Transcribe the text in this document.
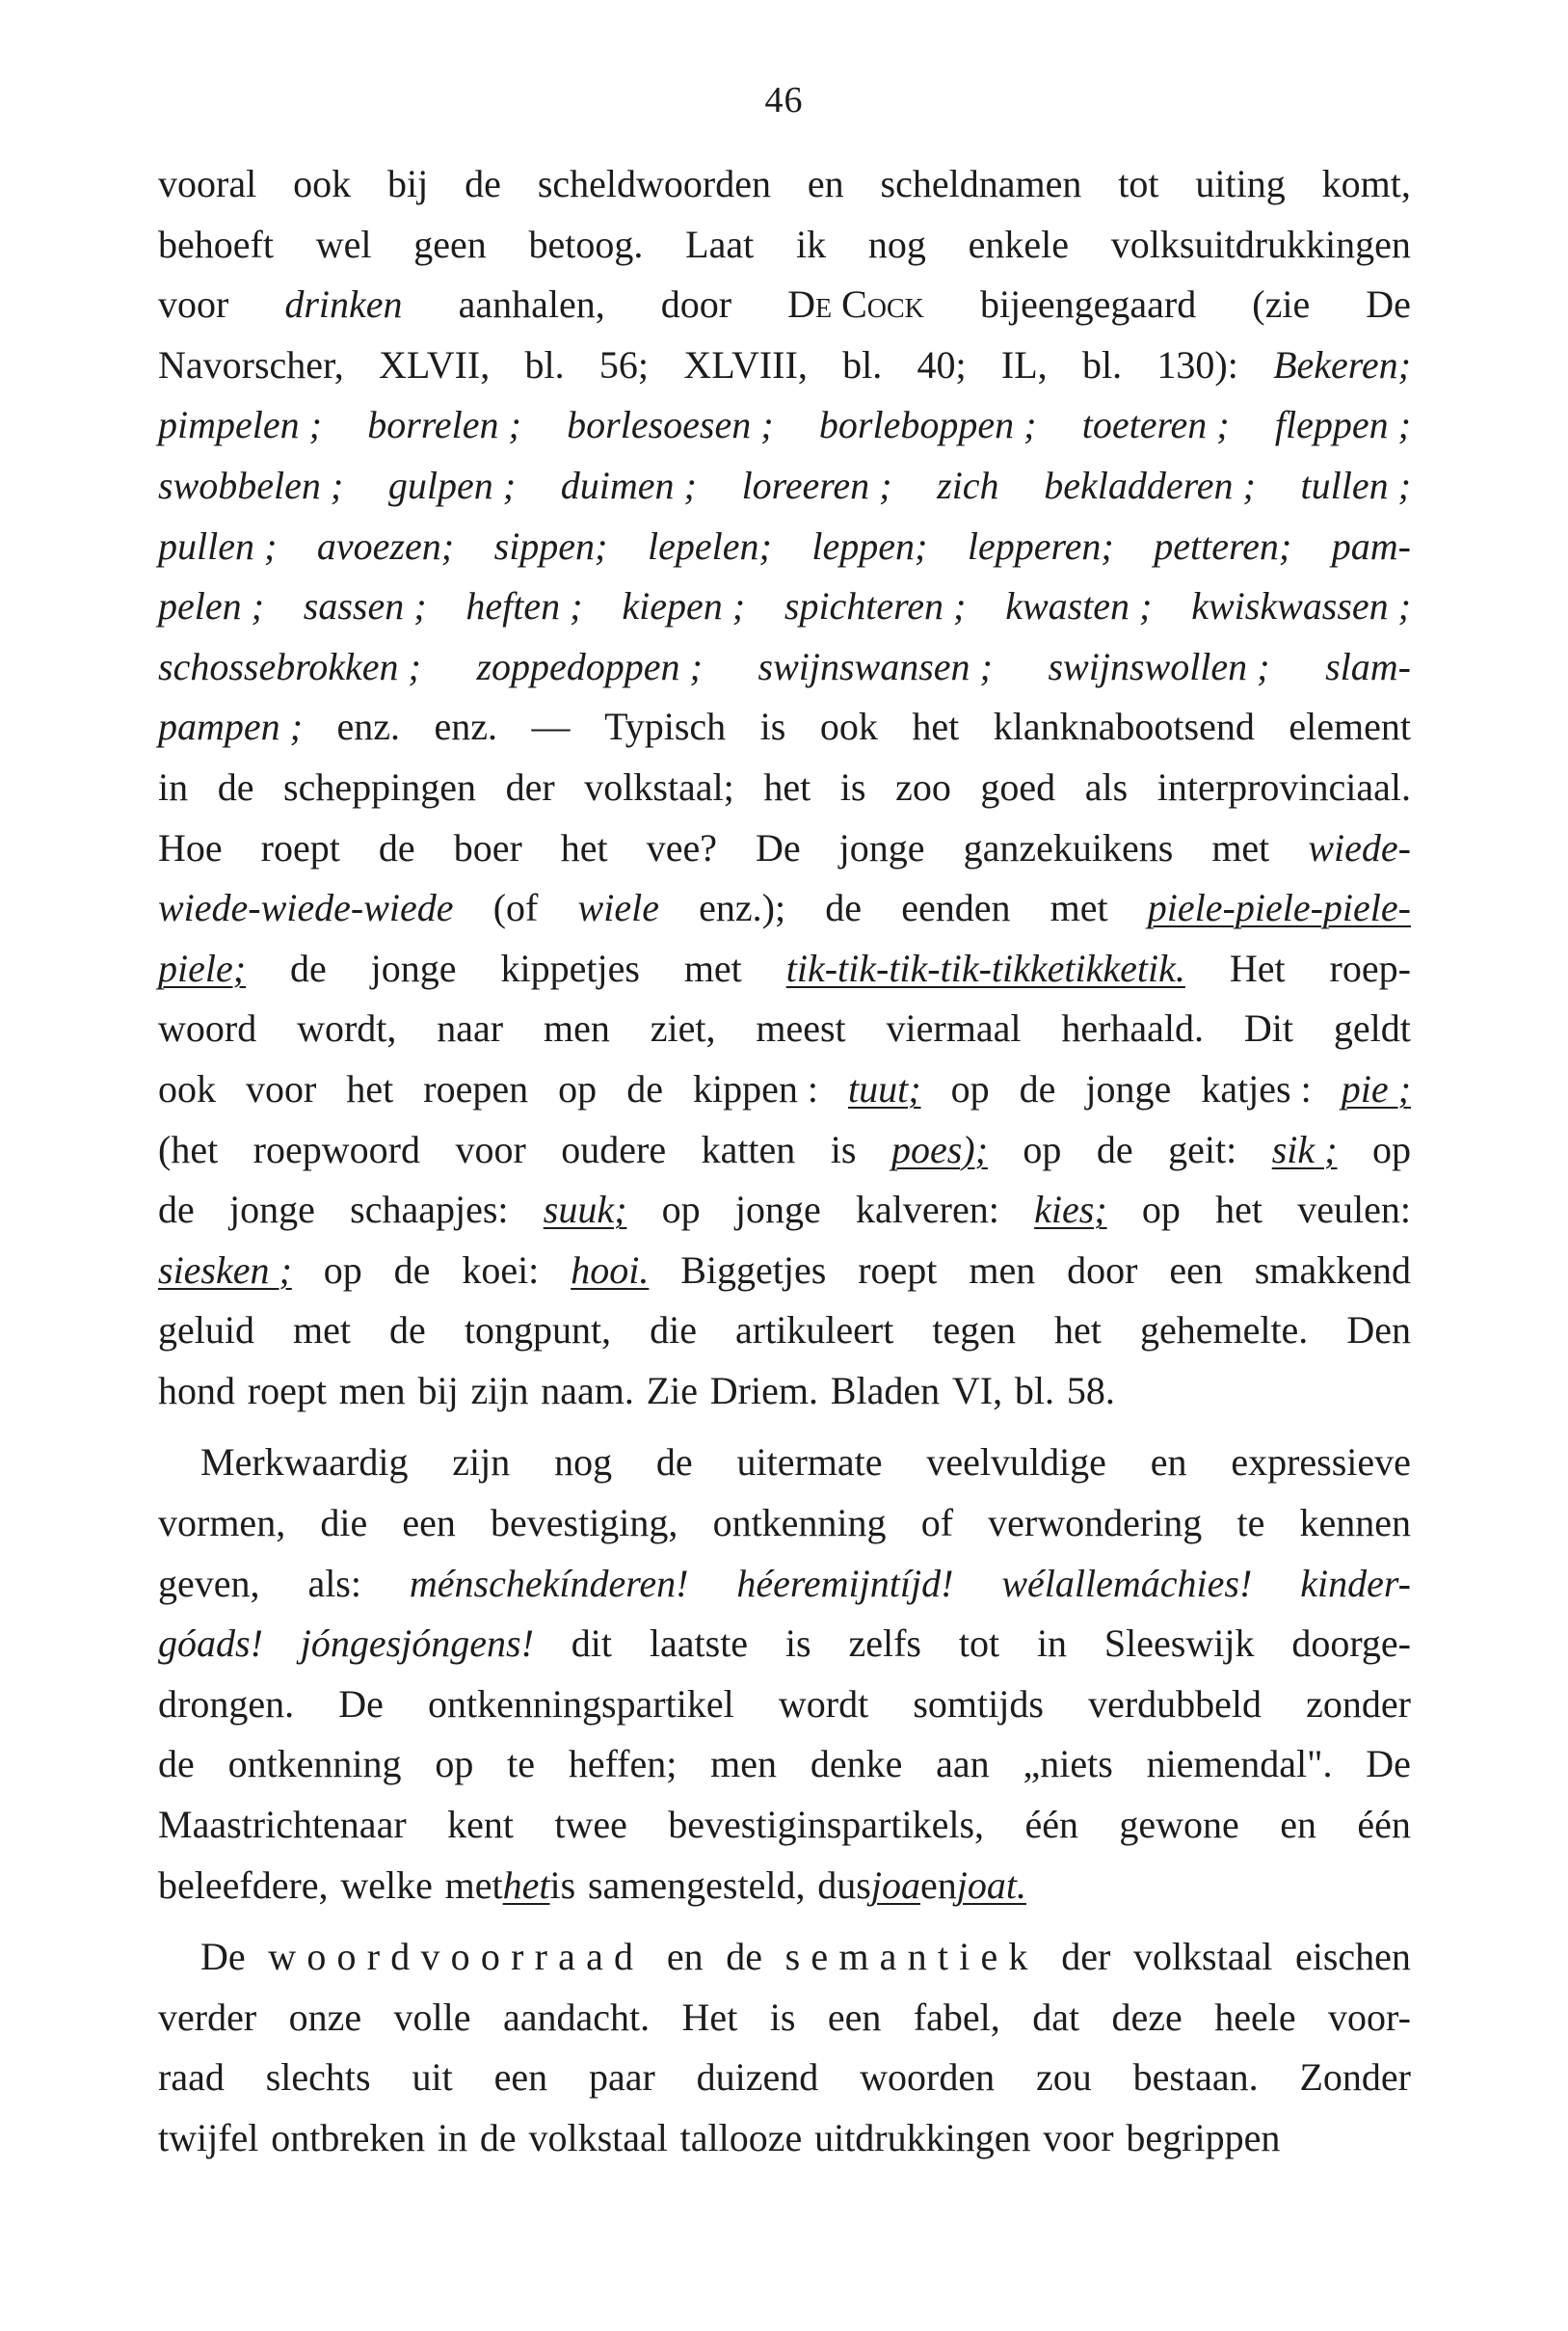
46
vooral ook bij de scheldwoorden en scheldnamen tot uiting komt,
behoeft wel geen betoog. Laat ik nog enkele volksuitdrukkingen
voor drinken aanhalen, door De Cock bijeengegaard (zie De
Navorscher, XLVII, bl. 56; XLVIII, bl. 40; IL, bl. 130): Bekeren;
pimpelen ; borrelen ; borlesoesen ; borleboppen ; toeteren ; fleppen ;
swobbelen ; gulpen ; duimen ; loreeren ; zich bekladderen ; tullen ;
pullen ; avoezen; sippen; lepelen; leppen; lepperen; petteren; pam-
pelen ; sassen ; heften ; kiepen ; spichteren ; kwasten ; kwiskwassen ;
schossebrokken ; zoppedoppen ; swijnswansen ; swijnswollen ; slam-
pampen ; enz. enz. — Typisch is ook het klanknabootsend element
in de scheppingen der volkstaal; het is zoo goed als interprovinciaal.
Hoe roept de boer het vee? De jonge ganzekuikens met wiede-
wiede-wiede-wiede (of wiele enz.); de eenden met piele-piele-piele-
piele; de jonge kippetjes met tik-tik-tik-tik-tikketikketik. Het roep-
woord wordt, naar men ziet, meest viermaal herhaald. Dit geldt
ook voor het roepen op de kippen : tuut; op de jonge katjes : pie ;
(het roepwoord voor oudere katten is poes); op de geit: sik ; op
de jonge schaapjes: suuk; op jonge kalveren: kies; op het veulen:
siesken ; op de koei: hooi. Biggetjes roept men door een smakkend
geluid met de tongpunt, die artikuleert tegen het gehemelte. Den
hond roept men bij zijn naam. Zie Driem. Bladen VI, bl. 58.
Merkwaardig zijn nog de uitermate veelvuldige en expressieve
vormen, die een bevestiging, ontkenning of verwondering te kennen
geven, als: ménschekínderen! héeremijntíjd! wélallemáchies! kinder-
góads! jóngesjóngens! dit laatste is zelfs tot in Sleeswijk doorge-
drongen. De ontkenningspartikel wordt somtijds verdubbeld zonder
de ontkenning op te heffen; men denke aan „niets niemendal". De
Maastrichtenaar kent twee bevestiginspartikels, één gewone en één
beleefdere, welke met het is samengesteld, dus joa en joat.
De woordvoorraad en de semantiek der volkstaal eischen
verder onze volle aandacht. Het is een fabel, dat deze heele voor-
raad slechts uit een paar duizend woorden zou bestaan. Zonder
twijfel ontbreken in de volkstaal tallooze uitdrukkingen voor begrippen
